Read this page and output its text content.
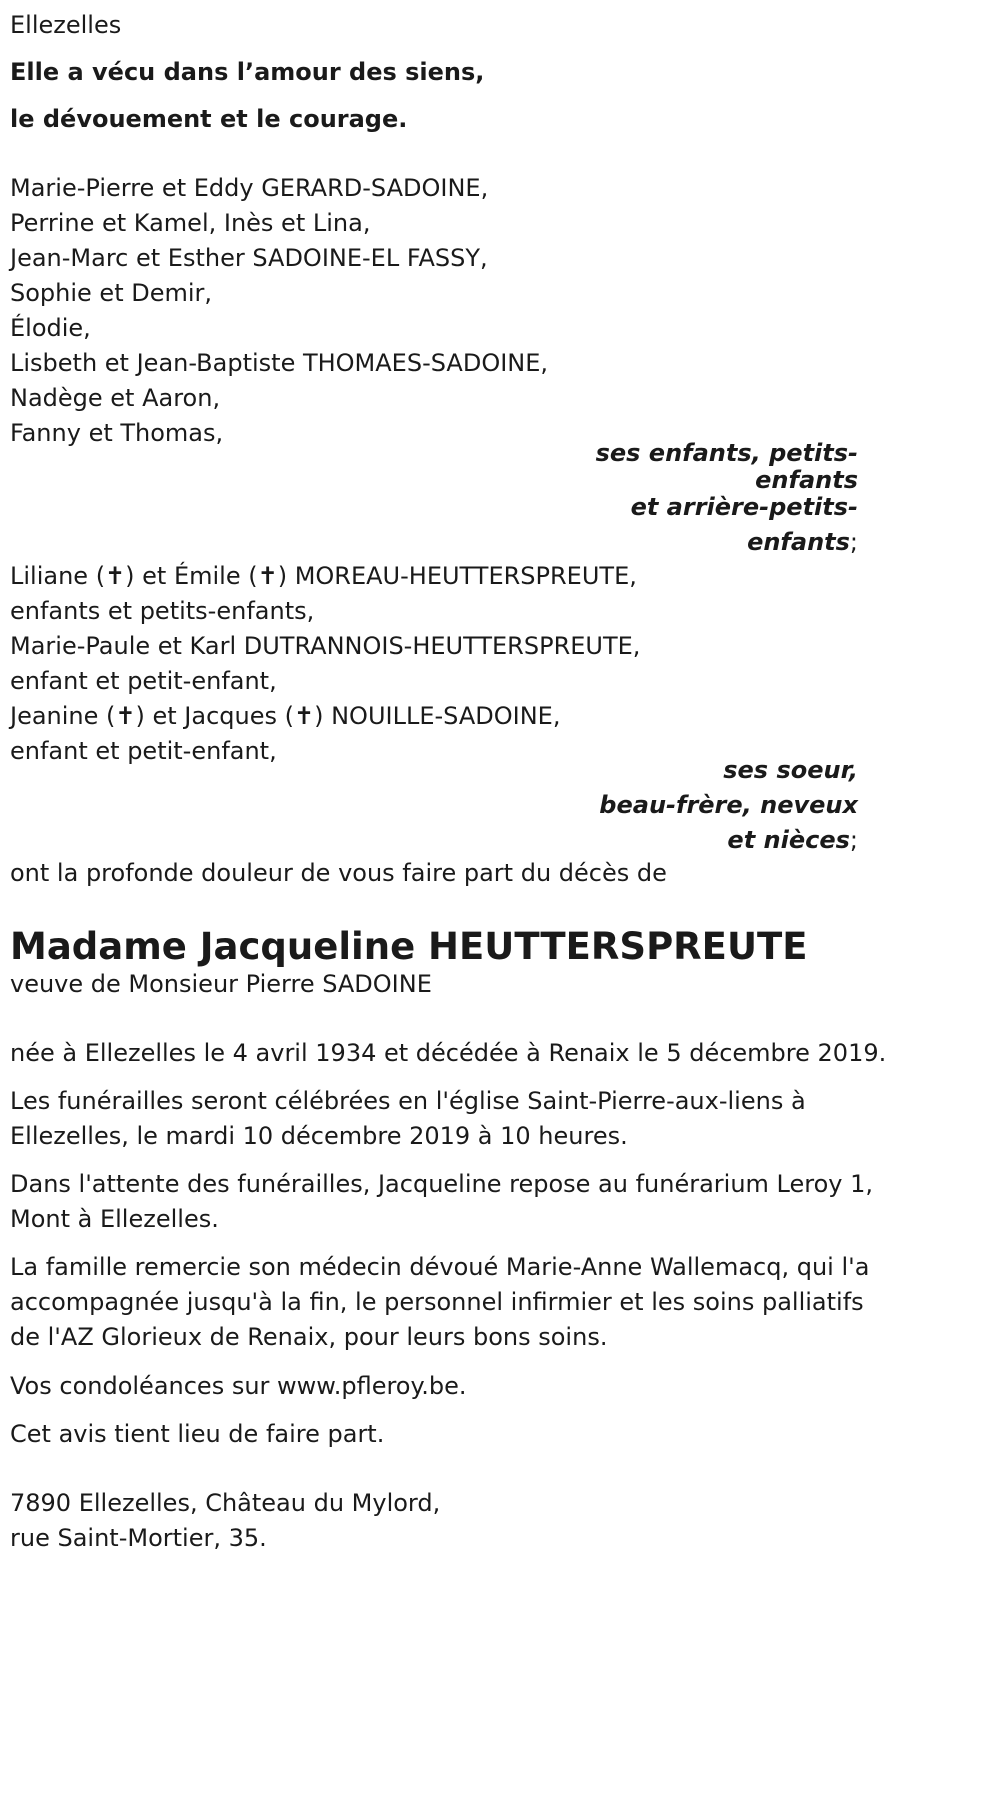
Ellezelles
Elle a vécu dans l’amour des siens,
le dévouement et le courage.
Marie-Pierre et Eddy GERARD-SADOINE,
Perrine et Kamel, Inès et Lina,
Jean-Marc et Esther SADOINE-EL FASSY,
Sophie et Demir,
Élodie,
Lisbeth et Jean-Baptiste THOMAES-SADOINE,
Nadège et Aaron,
Fanny et Thomas,
ses enfants, petits-
enfants
et arrière-petits-
enfants;
Liliane (✝) et Émile (✝) MOREAU-HEUTTERSPREUTE,
enfants et petits-enfants,
Marie-Paule et Karl DUTRANNOIS-HEUTTERSPREUTE,
enfant et petit-enfant,
Jeanine (✝) et Jacques (✝) NOUILLE-SADOINE,
enfant et petit-enfant,
ses soeur,
beau-frère, neveux
et nièces;
ont la profonde douleur de vous faire part du décès de
Madame Jacqueline HEUTTERSPREUTE
veuve de Monsieur Pierre SADOINE
née à Ellezelles le 4 avril 1934 et décédée à Renaix le 5 décembre 2019.
Les funérailles seront célébrées en l'église Saint-Pierre-aux-liens à
Ellezelles, le mardi 10 décembre 2019 à 10 heures.
Dans l'attente des funérailles, Jacqueline repose au funérarium Leroy 1,
Mont à Ellezelles.
La famille remercie son médecin dévoué Marie-Anne Wallemacq, qui l'a
accompagnée jusqu'à la fin, le personnel infirmier et les soins palliatifs
de l'AZ Glorieux de Renaix, pour leurs bons soins.
Vos condoléances sur www.pfleroy.be.
Cet avis tient lieu de faire part.
7890 Ellezelles, Château du Mylord,
rue Saint-Mortier, 35.
